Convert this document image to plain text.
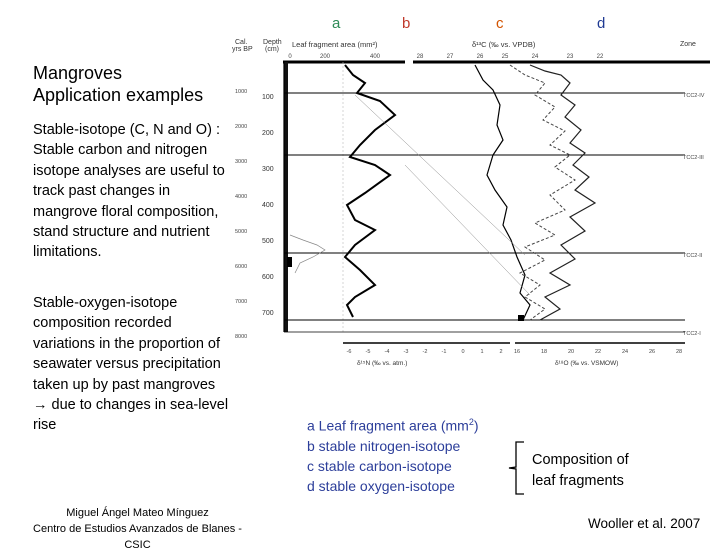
a	b	c	d
Mangroves
Application examples
Stable-isotope (C, N and O) : Stable carbon and nitrogen isotope analyses are useful to track past changes in mangrove floral composition, stand structure and nutrient limitations.
Stable-oxygen-isotope composition recorded variations in the proportion of seawater versus precipitation taken up by past mangroves → due to changes in sea-level rise
Miguel Ángel Mateo Mínguez
Centro de Estudios Avanzados de Blanes - CSIC
a Leaf fragment area $(mm^2)$
b stable nitrogen-isotope
c stable carbon-isotope
d stable oxygen-isotope
Composition of
leaf fragments
Wooller et al. 2007
Cal.
yrs BP
Depth
(cm)
Leaf fragment area (mm²)	δ¹³C (‰ vs. VPDB)	Zone
0	200	400	28	27	26	25	24	23	22
1000
2000
3000
4000
5000
6000
7000
8000
100
200
300
400
500
600
700
TCC2-IV
TCC2-III
TCC2-II
TCC2-I
δ¹⁵N (‰ vs. atm.)	δ¹⁸O (‰ vs. VSMOW)
-6	-5	-4	-3	-2	-1	0	1	2 16	18	20	22	24	26	28
